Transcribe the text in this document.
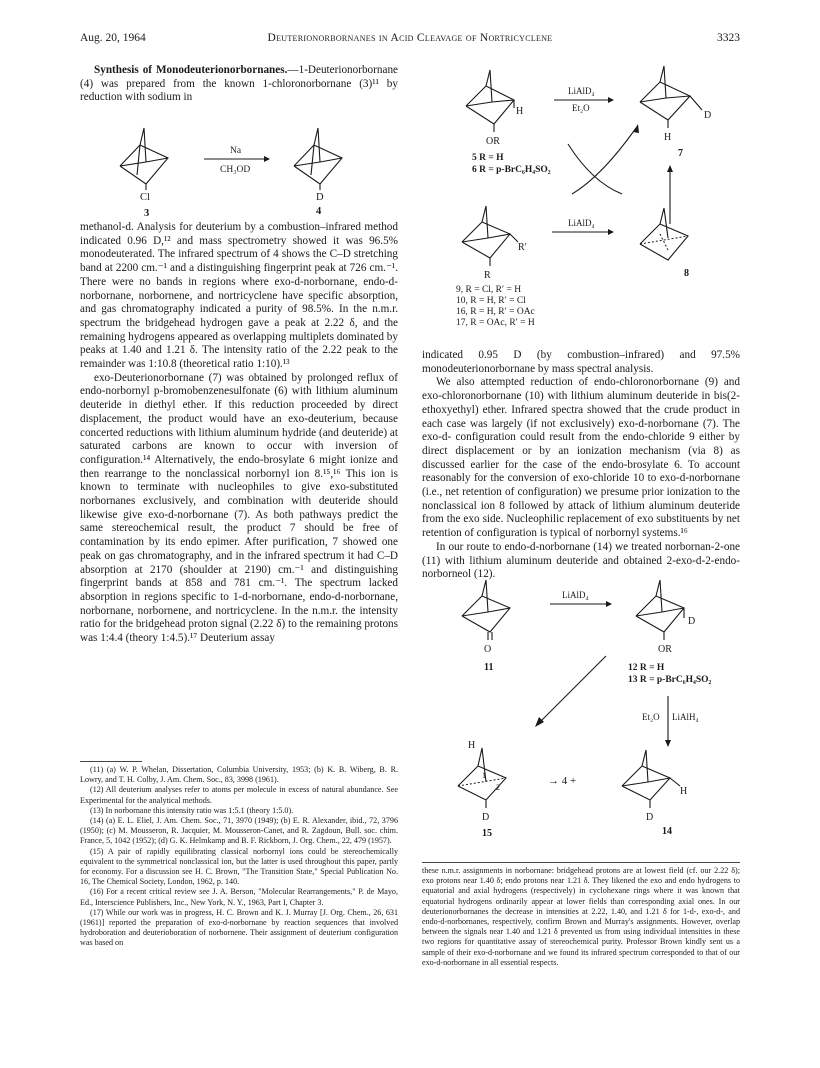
Aug. 20, 1964	Deuterionorbornanes in Acid Cleavage of Nortricyclene	3323

Synthesis of Monodeuterionorbornanes.—1-Deuterionorbornane (4) was prepared from the known 1-chloronorbornane (3)¹¹ by reduction with sodium in

Cl
3
Na
CH₃OD
D
4

methanol-d. Analysis for deuterium by a combustion–infrared method indicated 0.96 D,¹² and mass spectrometry showed it was 96.5% monodeuterated. The infrared spectrum of 4 shows the C–D stretching band at 2200 cm.⁻¹ and a distinguishing fingerprint peak at 726 cm.⁻¹. There were no bands in regions where exo-d-norbornane, endo-d-norbornane, norbornene, and nortricyclene have specific absorption, and gas chromatography indicated a purity of 98.5%. In the n.m.r. spectrum the bridgehead hydrogen gave a peak at 2.22 δ, and the remaining hydrogens appeared as overlapping multiplets dominated by peaks at 1.40 and 1.21 δ. The intensity ratio of the 2.22 peak to the remainder was 1:10.8 (theoretical ratio 1:10).¹³

exo-Deuterionorbornane (7) was obtained by prolonged reflux of endo-norbornyl p-bromobenzenesulfonate (6) with lithium aluminum deuteride in diethyl ether. If this reduction proceeded by direct displacement, the product would have an exo-deuterium, because concerted reductions with lithium aluminum hydride (and deuteride) at saturated carbons are known to occur with inversion of configuration.¹⁴ Alternatively, the endo-brosylate 6 might ionize and then rearrange to the nonclassical norbornyl ion 8.¹⁵,¹⁶ This ion is known to terminate with nucleophiles to give exo-substituted norbornanes exclusively, and combination with deuteride should likewise give exo-d-norbornane (7). As both pathways predict the same stereochemical result, the product 7 should be free of contamination by its endo epimer. After purification, 7 showed one peak on gas chromatography, and in the infrared spectrum it had C–D absorption at 2170 (shoulder at 2190) cm.⁻¹ and distinguishing fingerprint bands at 858 and 781 cm.⁻¹. The spectrum lacked absorption in regions specific to 1-d-norbornane, endo-d-norbornane, norbornane, norbornene, and nortricyclene. In the n.m.r. the intensity ratio for the bridgehead proton signal (2.22 δ) to the remaining protons was 1:4.4 (theory 1:4.5).¹⁷ Deuterium assay

(11) (a) W. P. Whelan, Dissertation, Columbia University, 1953; (b) K. B. Wiberg, B. R. Lowry, and T. H. Colby, J. Am. Chem. Soc., 83, 3998 (1961).

(12) All deuterium analyses refer to atoms per molecule in excess of natural abundance. See Experimental for the analytical methods.

(13) In norbornane this intensity ratio was 1:5.1 (theory 1:5.0).

(14) (a) E. L. Eliel, J. Am. Chem. Soc., 71, 3970 (1949); (b) E. R. Alexander, ibid., 72, 3796 (1950); (c) M. Mousseron, R. Jacquier, M. Mousseron-Canet, and R. Zagdoun, Bull. soc. chim. France, 5, 1042 (1952); (d) G. K. Helmkamp and B. F. Rickborn, J. Org. Chem., 22, 479 (1957).

(15) A pair of rapidly equilibrating classical norbornyl ions could be stereochemically equivalent to the symmetrical nonclassical ion, but the latter is used throughout this paper, partly for economy. For a discussion see H. C. Brown, "The Transition State," Special Publication No. 16, The Chemical Society, London, 1962, p. 140.

(16) For a recent critical review see J. A. Berson, "Molecular Rearrangements," P. de Mayo, Ed., Interscience Publishers, Inc., New York, N. Y., 1963, Part I, Chapter 3.

(17) While our work was in progress, H. C. Brown and K. J. Murray [J. Org. Chem., 26, 631 (1961)] reported the preparation of exo-d-norbornane by reaction sequences that involved hydroboration and deuterioboration of norbornene. Their assignment of deuterium configuration was based on

H
OR
5 R = H
6 R = p-BrC₆H₄SO₂
LiAlD₄
Et₂O
D
H
7
R′
R
9, R = Cl, R′ = H
10, R = H, R′ = Cl
16, R = H, R′ = OAc
17, R = OAc, R′ = H
LiAlD₄
8

indicated 0.95 D (by combustion–infrared) and 97.5% monodeuterionorbornane by mass spectral analysis.

We also attempted reduction of endo-chloronorbornane (9) and exo-chloronorbornane (10) with lithium aluminum deuteride in bis(2-ethoxyethyl) ether. Infrared spectra showed that the crude product in each case was largely (if not exclusively) exo-d-norbornane (7). The exo-d- configuration could result from the endo-chloride 9 either by direct displacement or by an ionization mechanism (via 8) as discussed earlier for the case of the endo-brosylate 6. To account reasonably for the conversion of exo-chloride 10 to exo-d-norbornane (i.e., net retention of configuration) we presume prior ionization to the nonclassical ion 8 followed by attack of lithium aluminum deuteride from the exo side. Nucleophilic replacement of exo substituents by net retention of configuration is typical of norbornyl systems.¹⁶

In our route to endo-d-norbornane (14) we treated norbornan-2-one (11) with lithium aluminum deuteride and obtained 2-exo-d-2-endo-norborneol (12).

O
11
LiAlD₄
D
OR
12 R = H
13 R = p-BrC₆H₄SO₂
Et₂O LiAlH₄
H
1
2
D
15
→ 4 +
H
D
14

these n.m.r. assignments in norbornane: bridgehead protons are at lowest field (cf. our 2.22 δ); exo protons near 1.40 δ; endo protons near 1.21 δ. They likened the exo and endo hydrogens to equatorial and axial hydrogens (respectively) in cyclohexane rings where it was known that equatorial hydrogens ordinarily appear at lower fields than corresponding axial ones. In our deuterionorbornanes the decrease in intensities at 2.22, 1.40, and 1.21 δ for 1-d-, exo-d-, and endo-d-norbornanes, respectively, confirm Brown and Murray's assignments. However, overlap between the signals near 1.40 and 1.21 δ prevented us from using individual intensities in these two regions for quantitative assay of stereochemical purity. Professor Brown kindly sent us a sample of their exo-d-norbornane and we found its infrared spectrum corresponded to that of our exo-d-norbornane in all essential respects.
